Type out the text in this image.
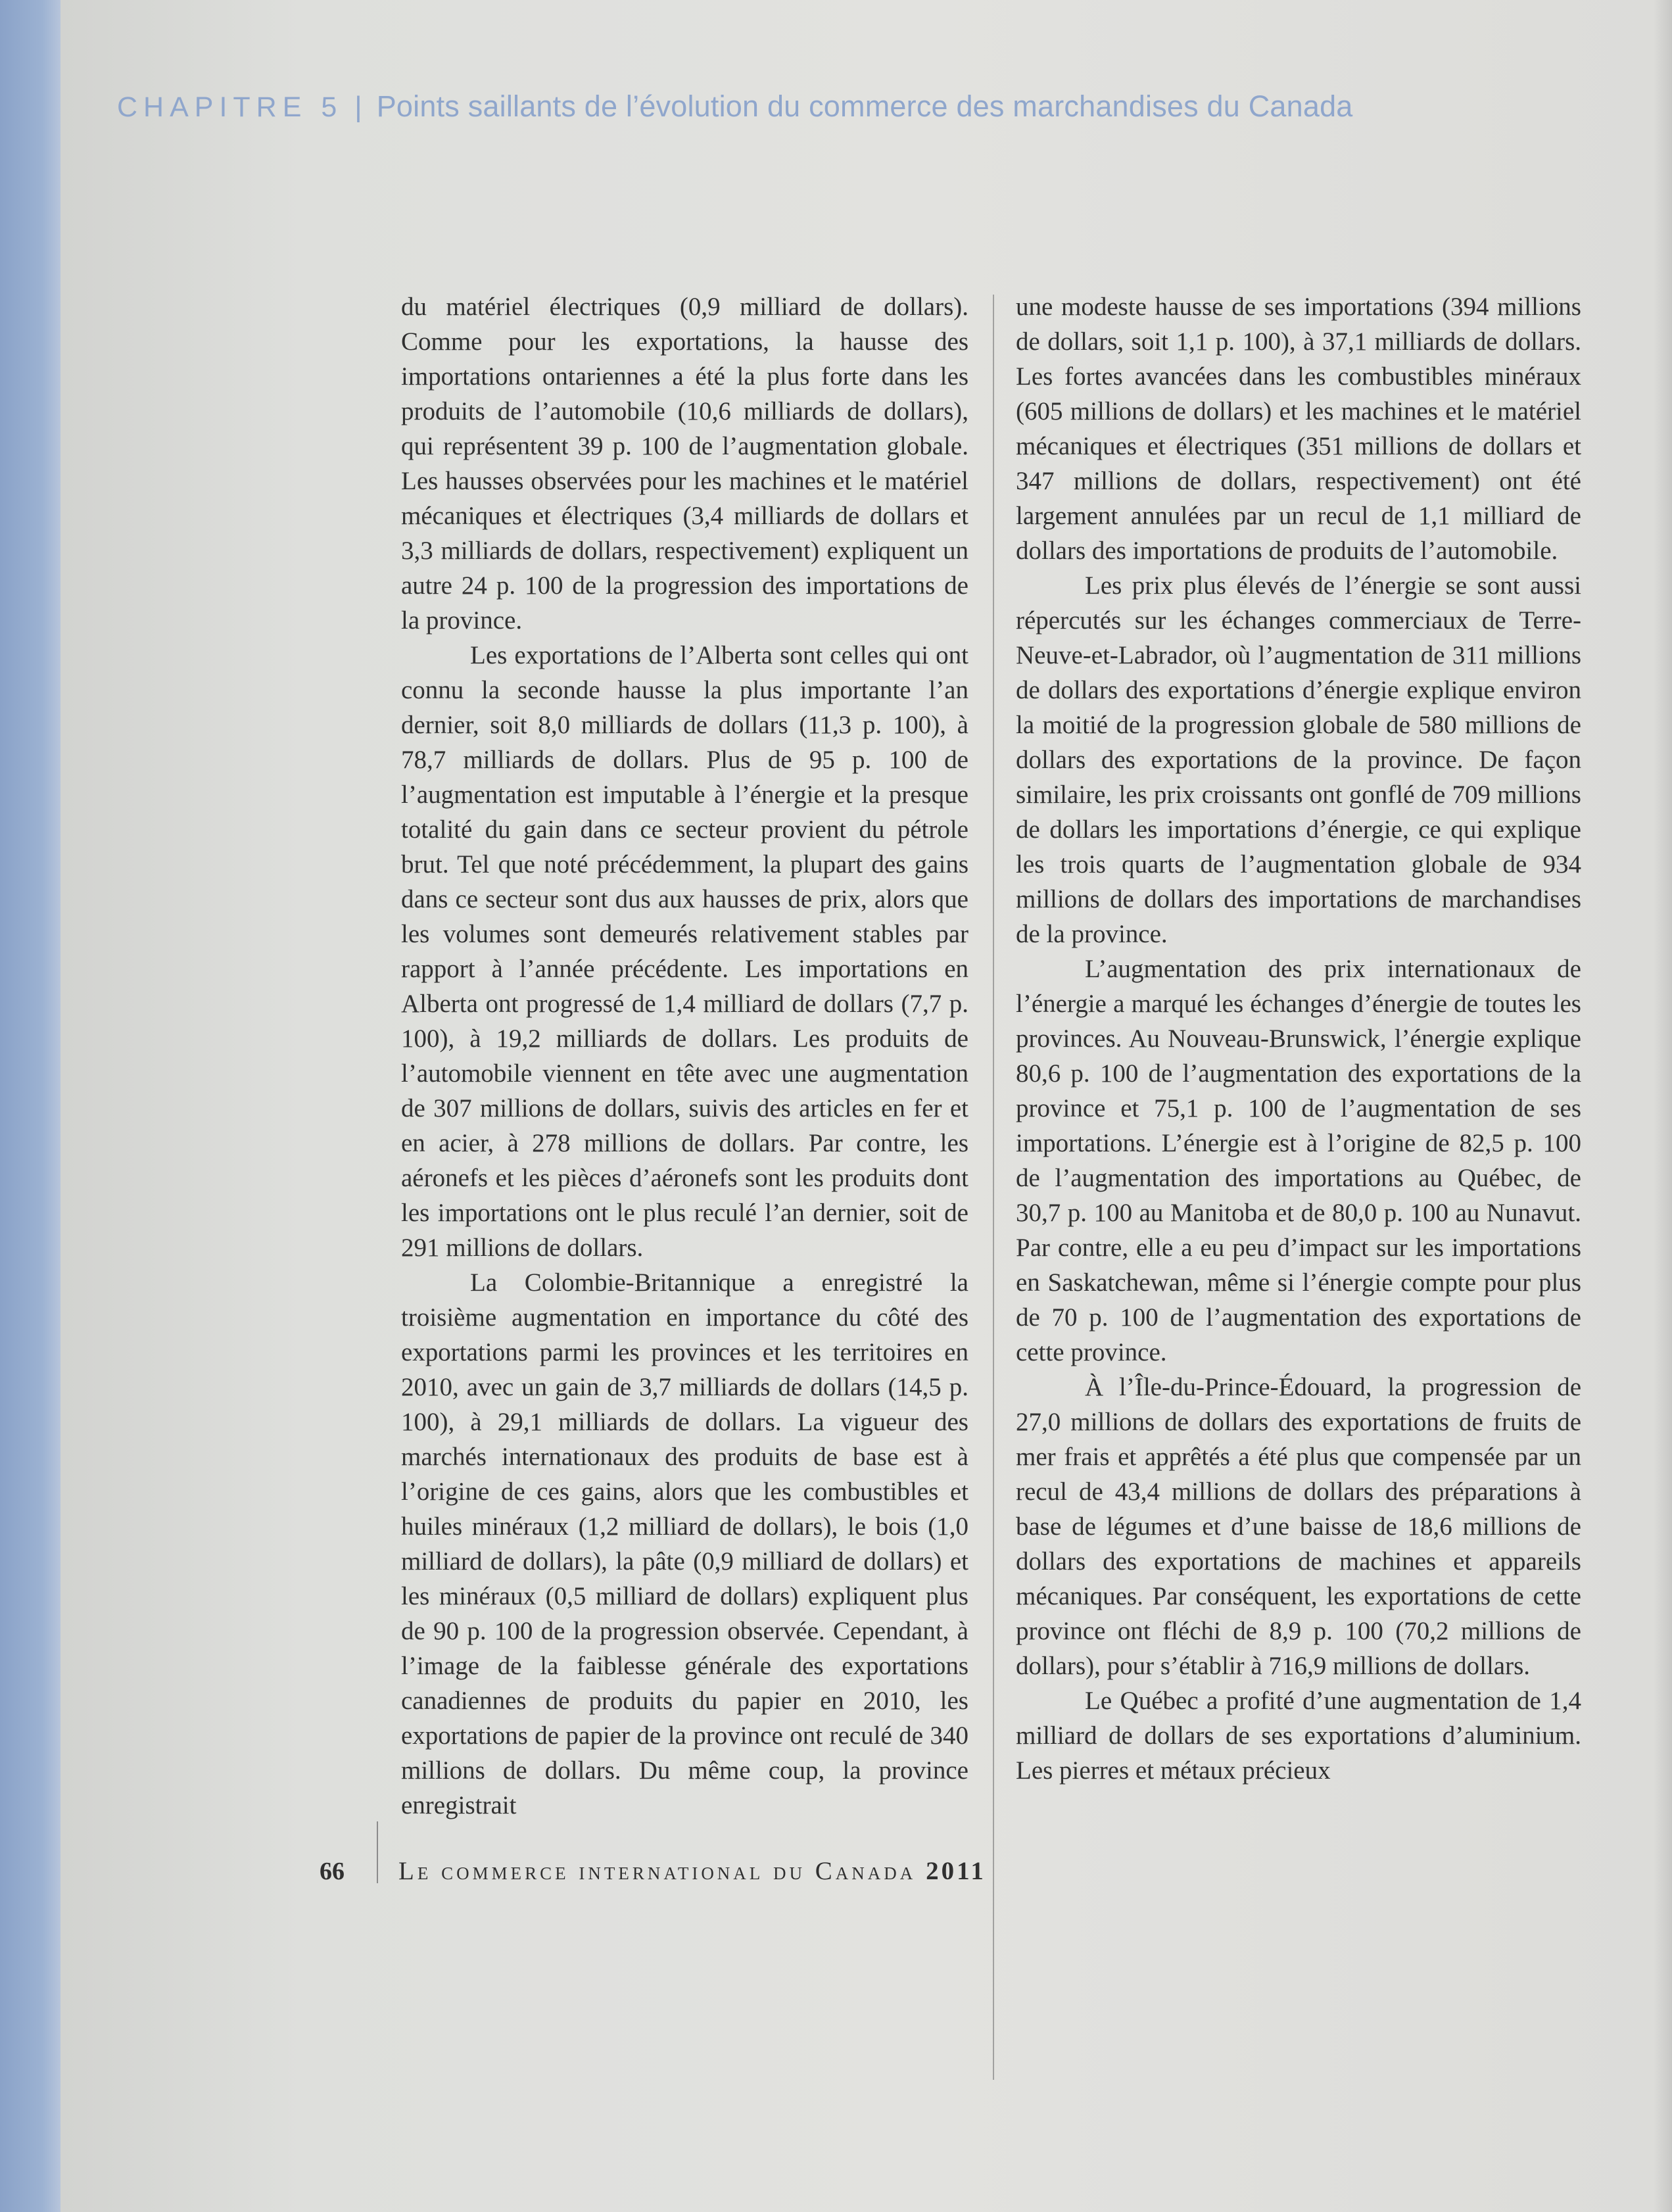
CHAPITRE 5 | Points saillants de l’évolution du commerce des marchandises du Canada

du matériel électriques (0,9 milliard de dollars). Comme pour les exportations, la hausse des importations ontariennes a été la plus forte dans les produits de l’automobile (10,6 milliards de dollars), qui représentent 39 p. 100 de l’augmentation globale. Les hausses observées pour les machines et le matériel mécaniques et électriques (3,4 milliards de dollars et 3,3 milliards de dollars, respectivement) expliquent un autre 24 p. 100 de la progression des importations de la province.

Les exportations de l’Alberta sont celles qui ont connu la seconde hausse la plus importante l’an dernier, soit 8,0 milliards de dollars (11,3 p. 100), à 78,7 milliards de dollars. Plus de 95 p. 100 de l’augmentation est imputable à l’énergie et la presque totalité du gain dans ce secteur provient du pétrole brut. Tel que noté précédemment, la plupart des gains dans ce secteur sont dus aux hausses de prix, alors que les volumes sont demeurés relativement stables par rapport à l’année précédente. Les importations en Alberta ont progressé de 1,4 milliard de dollars (7,7 p. 100), à 19,2 milliards de dollars. Les produits de l’automobile viennent en tête avec une augmentation de 307 millions de dollars, suivis des articles en fer et en acier, à 278 millions de dollars. Par contre, les aéronefs et les pièces d’aéronefs sont les produits dont les importations ont le plus reculé l’an dernier, soit de 291 millions de dollars.

La Colombie-Britannique a enregistré la troisième augmentation en importance du côté des exportations parmi les provinces et les territoires en 2010, avec un gain de 3,7 milliards de dollars (14,5 p. 100), à 29,1 milliards de dollars. La vigueur des marchés internationaux des produits de base est à l’origine de ces gains, alors que les combustibles et huiles minéraux (1,2 milliard de dollars), le bois (1,0 milliard de dollars), la pâte (0,9 milliard de dollars) et les minéraux (0,5 milliard de dollars) expliquent plus de 90 p. 100 de la progression observée. Cependant, à l’image de la faiblesse générale des exportations canadiennes de produits du papier en 2010, les exportations de papier de la province ont reculé de 340 millions de dollars. Du même coup, la province enregistrait

une modeste hausse de ses importations (394 millions de dollars, soit 1,1 p. 100), à 37,1 milliards de dollars. Les fortes avancées dans les combustibles minéraux (605 millions de dollars) et les machines et le matériel mécaniques et électriques (351 millions de dollars et 347 millions de dollars, respectivement) ont été largement annulées par un recul de 1,1 milliard de dollars des importations de produits de l’automobile.

Les prix plus élevés de l’énergie se sont aussi répercutés sur les échanges commerciaux de Terre-Neuve-et-Labrador, où l’augmentation de 311 millions de dollars des exportations d’énergie explique environ la moitié de la progression globale de 580 millions de dollars des exportations de la province. De façon similaire, les prix croissants ont gonflé de 709 millions de dollars les importations d’énergie, ce qui explique les trois quarts de l’augmentation globale de 934 millions de dollars des importations de marchandises de la province.

L’augmentation des prix internationaux de l’énergie a marqué les échanges d’énergie de toutes les provinces. Au Nouveau-Brunswick, l’énergie explique 80,6 p. 100 de l’augmentation des exportations de la province et 75,1 p. 100 de l’augmentation de ses importations. L’énergie est à l’origine de 82,5 p. 100 de l’augmentation des importations au Québec, de 30,7 p. 100 au Manitoba et de 80,0 p. 100 au Nunavut. Par contre, elle a eu peu d’impact sur les importations en Saskatchewan, même si l’énergie compte pour plus de 70 p. 100 de l’augmentation des exportations de cette province.

À l’Île-du-Prince-Édouard, la progression de 27,0 millions de dollars des exportations de fruits de mer frais et apprêtés a été plus que compensée par un recul de 43,4 millions de dollars des préparations à base de légumes et d’une baisse de 18,6 millions de dollars des exportations de machines et appareils mécaniques. Par conséquent, les exportations de cette province ont fléchi de 8,9 p. 100 (70,2 millions de dollars), pour s’établir à 716,9 millions de dollars.

Le Québec a profité d’une augmentation de 1,4 milliard de dollars de ses exportations d’aluminium. Les pierres et métaux précieux

66	Le commerce international du Canada 2011
